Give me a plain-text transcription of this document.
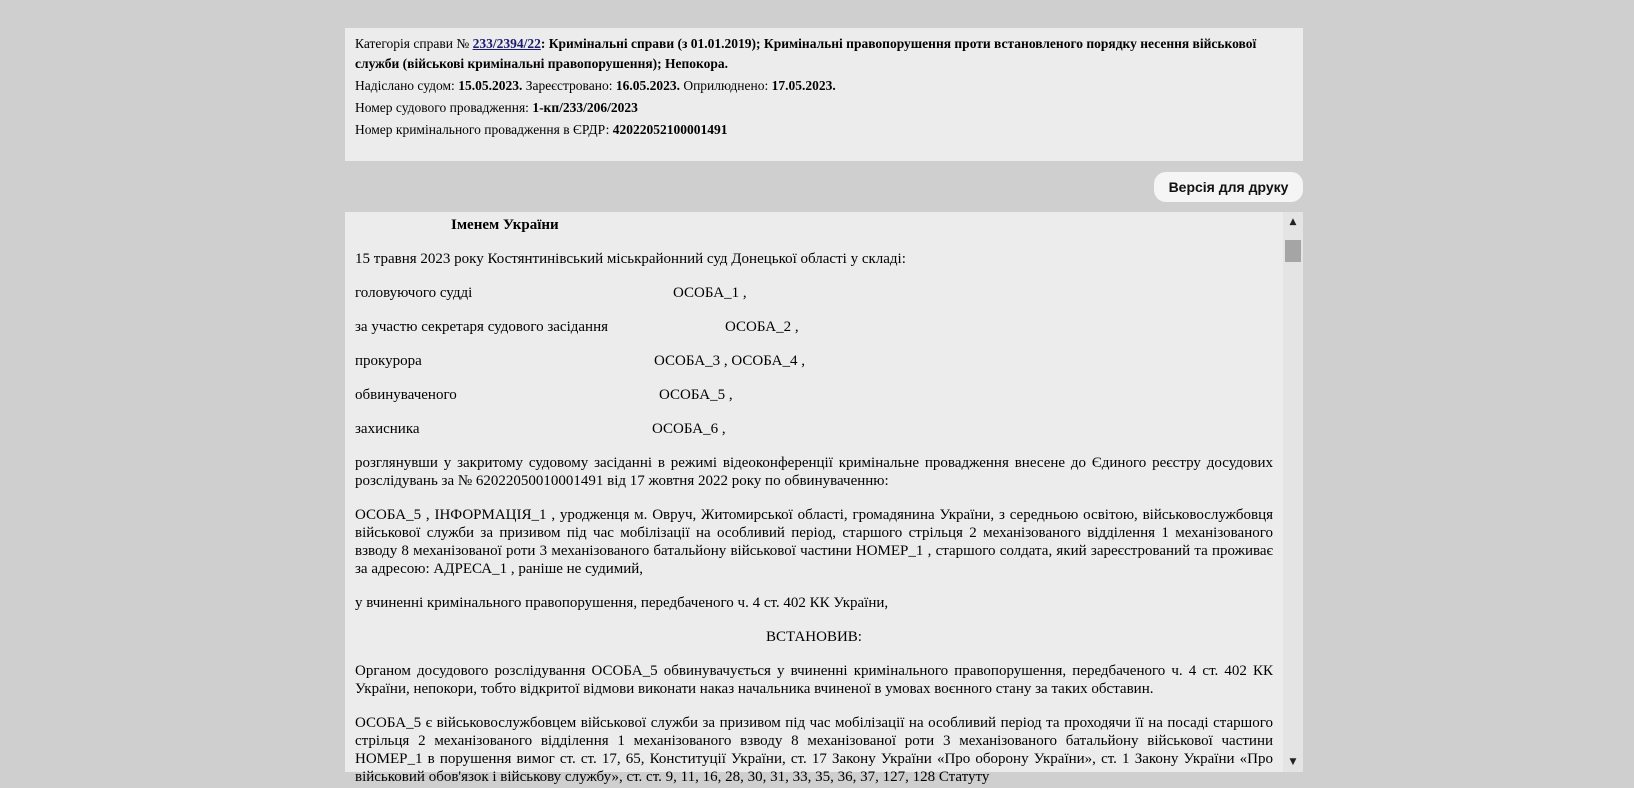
Категорія справи № 233/2394/22: Кримінальні справи (з 01.01.2019); Кримінальні правопорушення проти встановленого порядку несення військової служби (військові кримінальні правопорушення); Непокора.
Надіслано судом: 15.05.2023. Зареєстровано: 16.05.2023. Оприлюднено: 17.05.2023.
Номер судового провадження: 1-кп/233/206/2023
Номер кримінального провадження в ЄРДР: 42022052100001491
Версія для друку

Іменем України

15 травня 2023 року Костянтинівський міськрайонний суд Донецької області у складі:

головуючого судді	ОСОБА_1 ,
за участю секретаря судового засідання	ОСОБА_2 ,
прокурора	ОСОБА_3 , ОСОБА_4 ,
обвинуваченого	ОСОБА_5 ,
захисника	ОСОБА_6 ,

розглянувши у закритому судовому засіданні в режимі відеоконференції кримінальне провадження внесене до Єдиного реєстру досудових розслідувань за № 62022050010001491 від 17 жовтня 2022 року по обвинуваченню:

ОСОБА_5 , ІНФОРМАЦІЯ_1 , уродженця м. Овруч, Житомирської області, громадянина України, з середньою освітою, військовослужбовця військової служби за призивом під час мобілізації на особливий період, старшого стрільця 2 механізованого відділення 1 механізованого взводу 8 механізованої роти 3 механізованого батальйону військової частини НОМЕР_1 , старшого солдата, який зареєстрований та проживає за адресою: АДРЕСА_1 , раніше не судимий,

у вчиненні кримінального правопорушення, передбаченого ч. 4 ст. 402 КК України,

ВСТАНОВИВ:

Органом досудового розслідування ОСОБА_5 обвинувачується у вчиненні кримінального правопорушення, передбаченого ч. 4 ст. 402 КК України, непокори, тобто відкритої відмови виконати наказ начальника вчиненої в умовах воєнного стану за таких обставин.

ОСОБА_5 є військовослужбовцем військової служби за призивом під час мобілізації на особливий період та проходячи її на посаді старшого стрільця 2 механізованого відділення 1 механізованого взводу 8 механізованої роти 3 механізованого батальйону військової частини НОМЕР_1 в порушення вимог ст. ст. 17, 65, Конституції України, ст. 17 Закону України «Про оборону України», ст. 1 Закону України «Про військовий обов'язок і військову службу», ст. ст. 9, 11, 16, 28, 30, 31, 33, 35, 36, 37, 127, 128 Статуту

▲
▼
